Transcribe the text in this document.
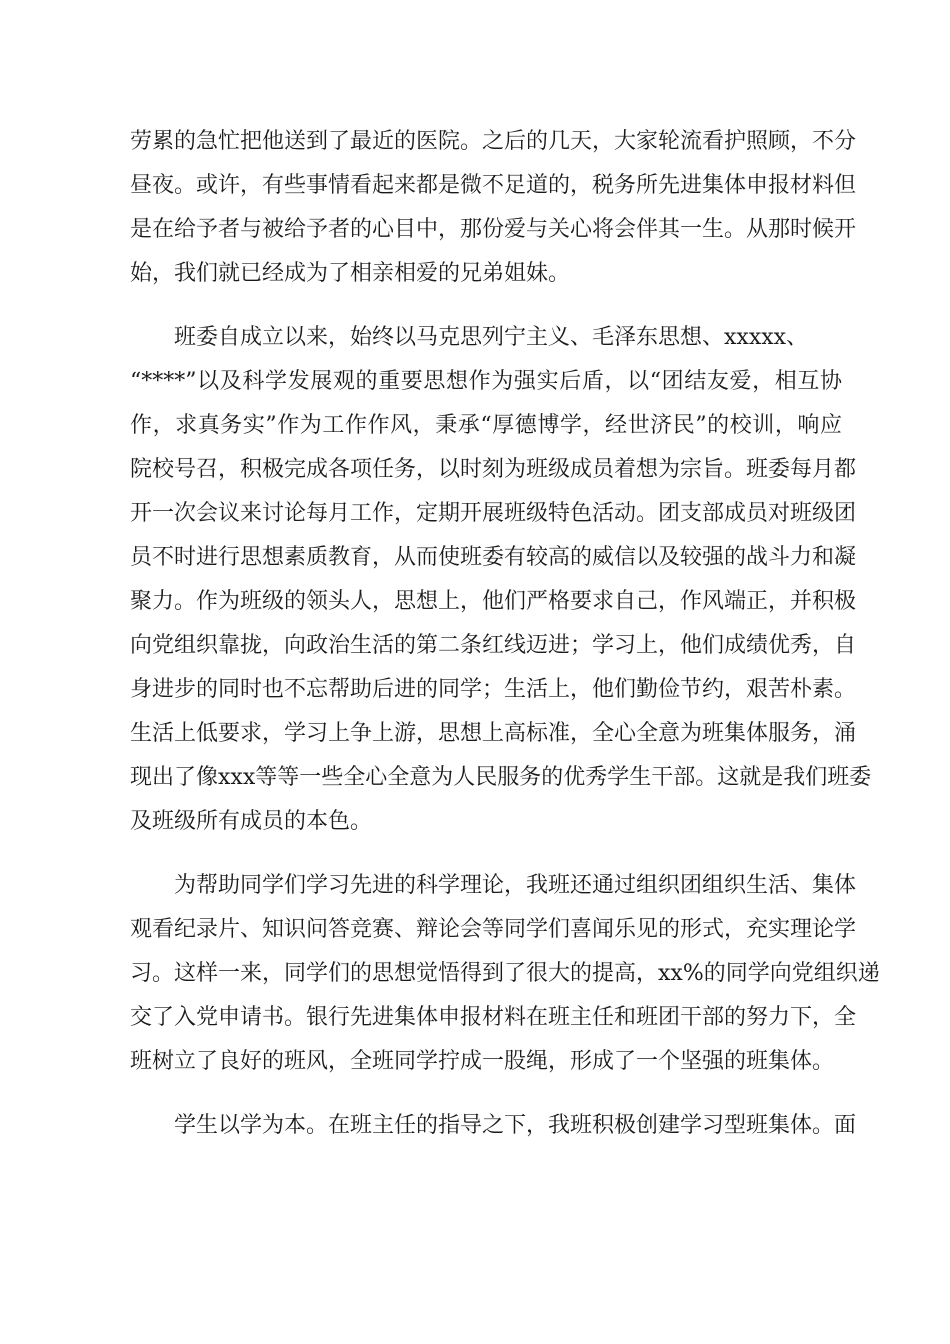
劳累的急忙把他送到了最近的医院。之后的几天，大家轮流看护照顾，不分
昼夜。或许，有些事情看起来都是微不足道的，税务所先进集体申报材料但
是在给予者与被给予者的心目中，那份爱与关心将会伴其一生。从那时候开
始，我们就已经成为了相亲相爱的兄弟姐妹。
班委自成立以来，始终以马克思列宁主义、毛泽东思想、xxxxx、
“****”以及科学发展观的重要思想作为强实后盾，以“团结友爱，相互协
作，求真务实”作为工作作风，秉承“厚德博学，经世济民”的校训，响应
院校号召，积极完成各项任务，以时刻为班级成员着想为宗旨。班委每月都
开一次会议来讨论每月工作，定期开展班级特色活动。团支部成员对班级团
员不时进行思想素质教育，从而使班委有较高的威信以及较强的战斗力和凝
聚力。作为班级的领头人，思想上，他们严格要求自己，作风端正，并积极
向党组织靠拢，向政治生活的第二条红线迈进；学习上，他们成绩优秀，自
身进步的同时也不忘帮助后进的同学；生活上，他们勤俭节约，艰苦朴素。
生活上低要求，学习上争上游，思想上高标准，全心全意为班集体服务，涌
现出了像xxx等等一些全心全意为人民服务的优秀学生干部。这就是我们班委
及班级所有成员的本色。
为帮助同学们学习先进的科学理论，我班还通过组织团组织生活、集体
观看纪录片、知识问答竞赛、辩论会等同学们喜闻乐见的形式，充实理论学
习。这样一来，同学们的思想觉悟得到了很大的提高，xx%的同学向党组织递
交了入党申请书。银行先进集体申报材料在班主任和班团干部的努力下，全
班树立了良好的班风，全班同学拧成一股绳，形成了一个坚强的班集体。
学生以学为本。在班主任的指导之下，我班积极创建学习型班集体。面
